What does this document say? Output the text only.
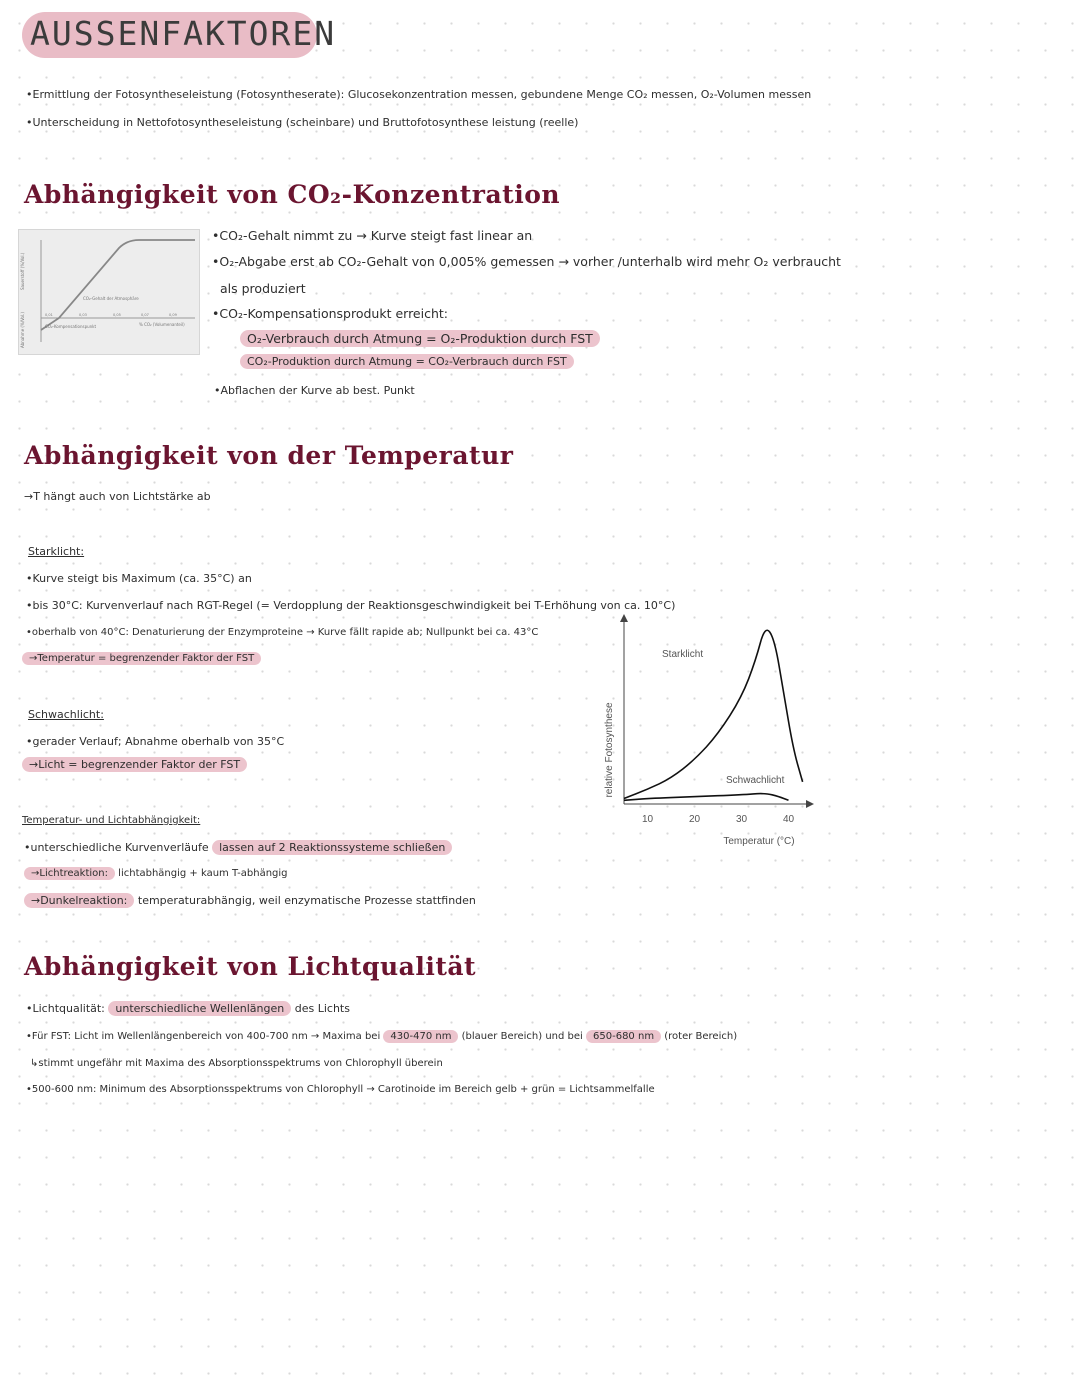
AUSSENFAKTOREN
•Ermittlung der Fotosyntheseleistung (Fotosyntheserate): Glucosekonzentration messen, gebundene Menge CO₂ messen, O₂-Volumen messen
•Unterscheidung in Nettofotosyntheseleistung (scheinbare) und Bruttofotosynthese leistung (reelle)
Abhängigkeit von CO₂-Konzentration
Sauerstoff (%/Vol.)
Abnahme (%/Vol.)
CO₂-Gehalt der Atmosphäre
CO₂-Kompensationspunkt
0,01	0,03	0,05	0,07	0,09
% CO₂ (Volumenanteil)
•CO₂-Gehalt nimmt zu → Kurve steigt fast linear an
•O₂-Abgabe erst ab CO₂-Gehalt von 0,005% gemessen → vorher /unterhalb wird mehr O₂ verbraucht
als produziert
•CO₂-Kompensationsprodukt erreicht:
O₂-Verbrauch durch Atmung = O₂-Produktion durch FST
CO₂-Produktion durch Atmung = CO₂-Verbrauch durch FST
•Abflachen der Kurve ab best. Punkt
Abhängigkeit von der Temperatur
→T hängt auch von Lichtstärke ab
Starklicht:
•Kurve steigt bis Maximum (ca. 35°C) an
•bis 30°C: Kurvenverlauf nach RGT-Regel (= Verdopplung der Reaktionsgeschwindigkeit bei T-Erhöhung von ca. 10°C)
•oberhalb von 40°C: Denaturierung der Enzymproteine → Kurve fällt rapide ab; Nullpunkt bei ca. 43°C
→Temperatur = begrenzender Faktor der FST
Schwachlicht:
•gerader Verlauf; Abnahme oberhalb von 35°C
→Licht = begrenzender Faktor der FST
Temperatur- und Lichtabhängigkeit:
•unterschiedliche Kurvenverläufe lassen auf 2 Reaktionssysteme schließen
→Lichtreaktion: lichtabhängig + kaum T-abhängig
→Dunkelreaktion: temperaturabhängig, weil enzymatische Prozesse stattfinden
relative Fotosynthese
Temperatur (°C)
10	20	30	40
Starklicht
Schwachlicht
Abhängigkeit von Lichtqualität
•Lichtqualität: unterschiedliche Wellenlängen des Lichts
•Für FST: Licht im Wellenlängenbereich von 400-700 nm → Maxima bei 430-470 nm (blauer Bereich) und bei 650-680 nm (roter Bereich)
↳stimmt ungefähr mit Maxima des Absorptionsspektrums von Chlorophyll überein
•500-600 nm: Minimum des Absorptionsspektrums von Chlorophyll → Carotinoide im Bereich gelb + grün = Lichtsammelfalle
